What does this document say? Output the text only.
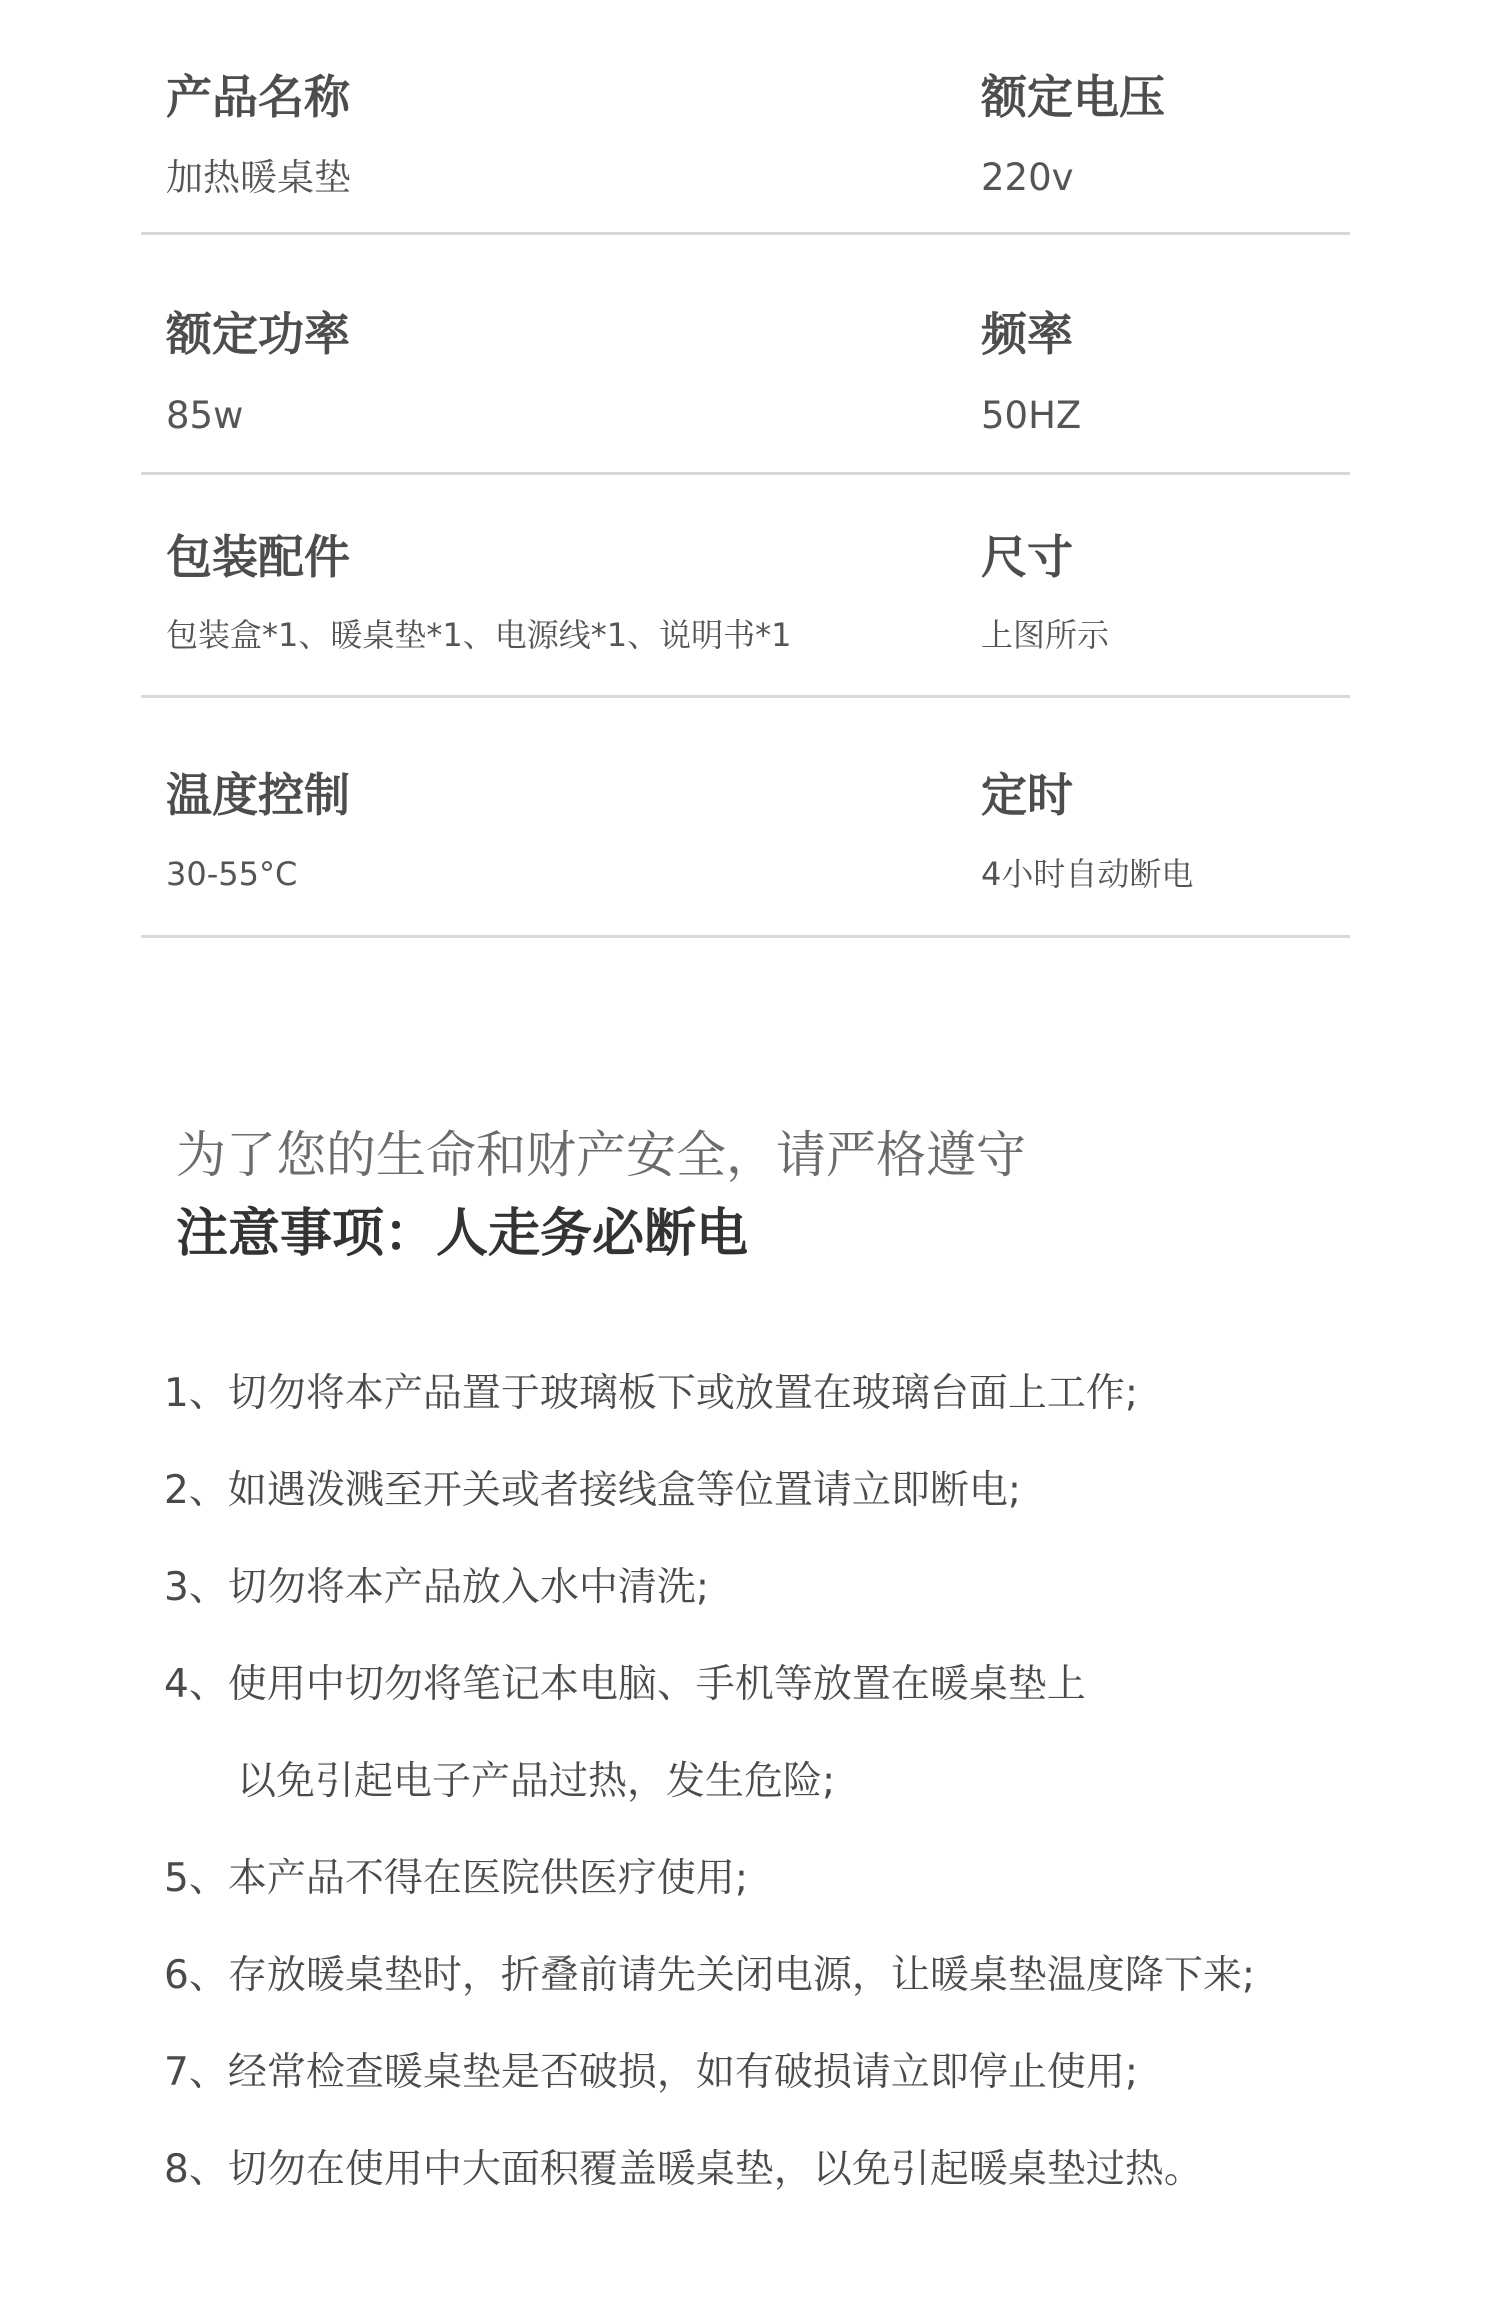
产品名称
加热暖桌垫
额定电压
220v
额定功率
85w
频率
50HZ
包装配件
包装盒*1、暖桌垫*1、电源线*1、说明书*1
尺寸
上图所示
温度控制
30-55°C
定时
4小时自动断电
为了您的生命和财产安全，请严格遵守
注意事项：人走务必断电
1、切勿将本产品置于玻璃板下或放置在玻璃台面上工作;
2、如遇泼溅至开关或者接线盒等位置请立即断电;
3、切勿将本产品放入水中清洗;
4、使用中切勿将笔记本电脑、手机等放置在暖桌垫上
以免引起电子产品过热，发生危险;
5、本产品不得在医院供医疗使用;
6、存放暖桌垫时，折叠前请先关闭电源，让暖桌垫温度降下来;
7、经常检查暖桌垫是否破损，如有破损请立即停止使用;
8、切勿在使用中大面积覆盖暖桌垫，以免引起暖桌垫过热。
